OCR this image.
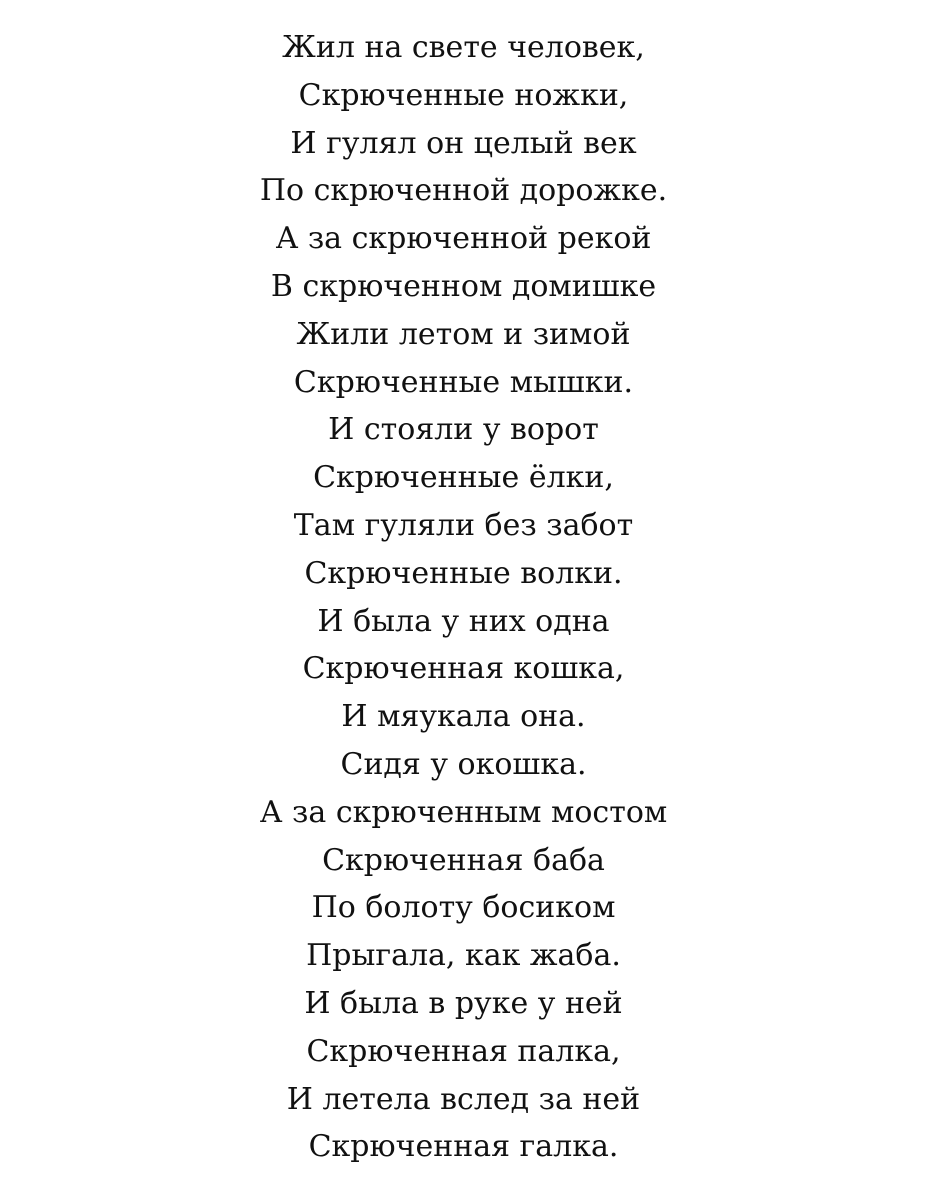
Жил на свете человек,
Скрюченные ножки,
И гулял он целый век
По скрюченной дорожке.
А за скрюченной рекой
В скрюченном домишке
Жили летом и зимой
Скрюченные мышки.
И стояли у ворот
Скрюченные ёлки,
Там гуляли без забот
Скрюченные волки.
И была у них одна
Скрюченная кошка,
И мяукала она.
Сидя у окошка.
А за скрюченным мостом
Скрюченная баба
По болоту босиком
Прыгала, как жаба.
И была в руке у ней
Скрюченная палка,
И летела вслед за ней
Скрюченная галка.
